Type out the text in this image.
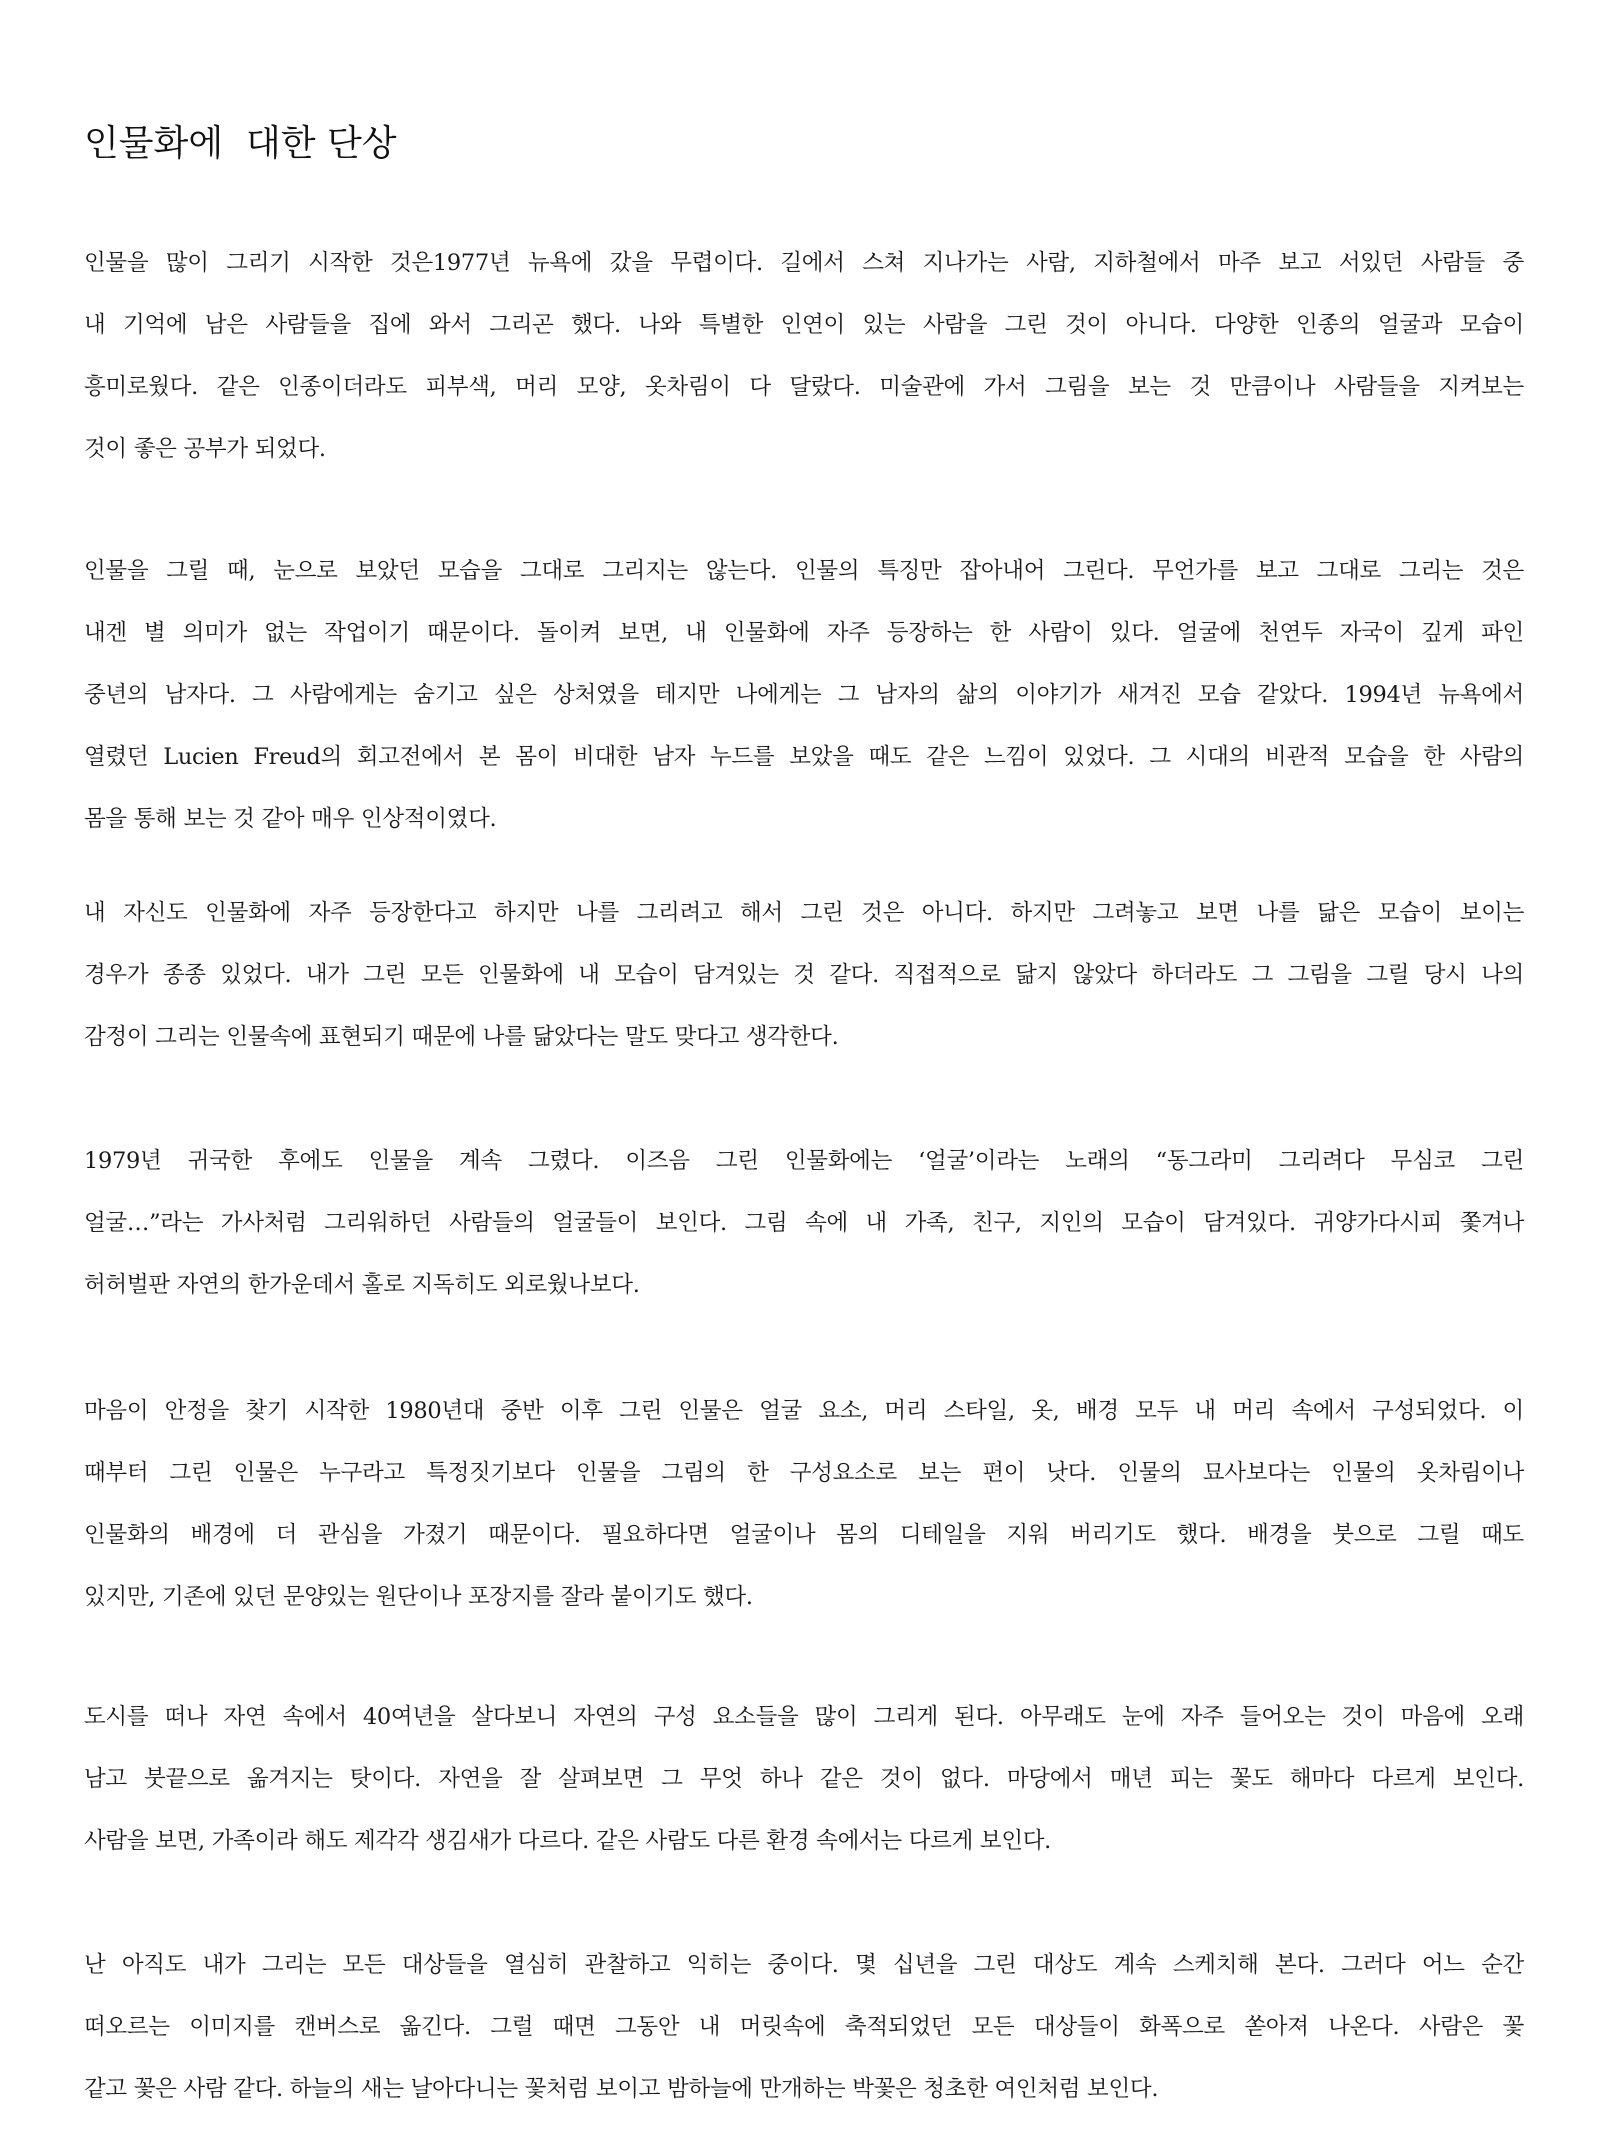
인물화에  대한 단상

인물을 많이 그리기 시작한 것은1977년 뉴욕에 갔을 무렵이다. 길에서 스쳐 지나가는 사람, 지하철에서 마주 보고 서있던 사람들 중
내 기억에 남은 사람들을 집에 와서 그리곤 했다. 나와 특별한 인연이 있는 사람을 그린 것이 아니다. 다양한 인종의 얼굴과 모습이
흥미로웠다. 같은 인종이더라도 피부색, 머리 모양, 옷차림이 다 달랐다. 미술관에 가서 그림을 보는 것 만큼이나 사람들을 지켜보는
것이 좋은 공부가 되었다.

인물을 그릴 때, 눈으로 보았던 모습을 그대로 그리지는 않는다. 인물의 특징만 잡아내어 그린다. 무언가를 보고 그대로 그리는 것은
내겐 별 의미가 없는 작업이기 때문이다. 돌이켜 보면, 내 인물화에 자주 등장하는 한 사람이 있다. 얼굴에 천연두 자국이 깊게 파인
중년의 남자다. 그 사람에게는 숨기고 싶은 상처였을 테지만 나에게는 그 남자의 삶의 이야기가 새겨진 모습 같았다. 1994년 뉴욕에서
열렸던 Lucien Freud의 회고전에서 본 몸이 비대한 남자 누드를 보았을 때도 같은 느낌이 있었다. 그 시대의 비관적 모습을 한 사람의
몸을 통해 보는 것 같아 매우 인상적이였다.

내 자신도 인물화에 자주 등장한다고 하지만 나를 그리려고 해서 그린 것은 아니다. 하지만 그려놓고 보면 나를 닮은 모습이 보이는
경우가 종종 있었다. 내가 그린 모든 인물화에 내 모습이 담겨있는 것 같다. 직접적으로 닮지 않았다 하더라도 그 그림을 그릴 당시 나의
감정이 그리는 인물속에 표현되기 때문에 나를 닮았다는 말도 맞다고 생각한다.

1979년 귀국한 후에도 인물을 계속 그렸다. 이즈음 그린 인물화에는 ‘얼굴’이라는 노래의 “동그라미 그리려다 무심코 그린
얼굴…”라는 가사처럼 그리워하던 사람들의 얼굴들이 보인다. 그림 속에 내 가족, 친구, 지인의 모습이 담겨있다. 귀양가다시피 쫓겨나
허허벌판 자연의 한가운데서 홀로 지독히도 외로웠나보다.

마음이 안정을 찾기 시작한 1980년대 중반 이후 그린 인물은 얼굴 요소, 머리 스타일, 옷, 배경 모두 내 머리 속에서 구성되었다. 이
때부터 그린 인물은 누구라고 특정짓기보다 인물을 그림의 한 구성요소로 보는 편이 낫다. 인물의 묘사보다는 인물의 옷차림이나
인물화의 배경에 더 관심을 가졌기 때문이다. 필요하다면 얼굴이나 몸의 디테일을 지워 버리기도 했다. 배경을 붓으로 그릴 때도
있지만, 기존에 있던 문양있는 원단이나 포장지를 잘라 붙이기도 했다.

도시를 떠나 자연 속에서 40여년을 살다보니 자연의 구성 요소들을 많이 그리게 된다. 아무래도 눈에 자주 들어오는 것이 마음에 오래
남고 붓끝으로 옮겨지는 탓이다. 자연을 잘 살펴보면 그 무엇 하나 같은 것이 없다. 마당에서 매년 피는 꽃도 해마다 다르게 보인다.
사람을 보면, 가족이라 해도 제각각 생김새가 다르다. 같은 사람도 다른 환경 속에서는 다르게 보인다.

난 아직도 내가 그리는 모든 대상들을 열심히 관찰하고 익히는 중이다. 몇 십년을 그린 대상도 계속 스케치해 본다. 그러다 어느 순간
떠오르는 이미지를 캔버스로 옮긴다. 그럴 때면 그동안 내 머릿속에 축적되었던 모든 대상들이 화폭으로 쏟아져 나온다. 사람은 꽃
같고 꽃은 사람 같다. 하늘의 새는 날아다니는 꽃처럼 보이고 밤하늘에 만개하는 박꽃은 청초한 여인처럼 보인다.
